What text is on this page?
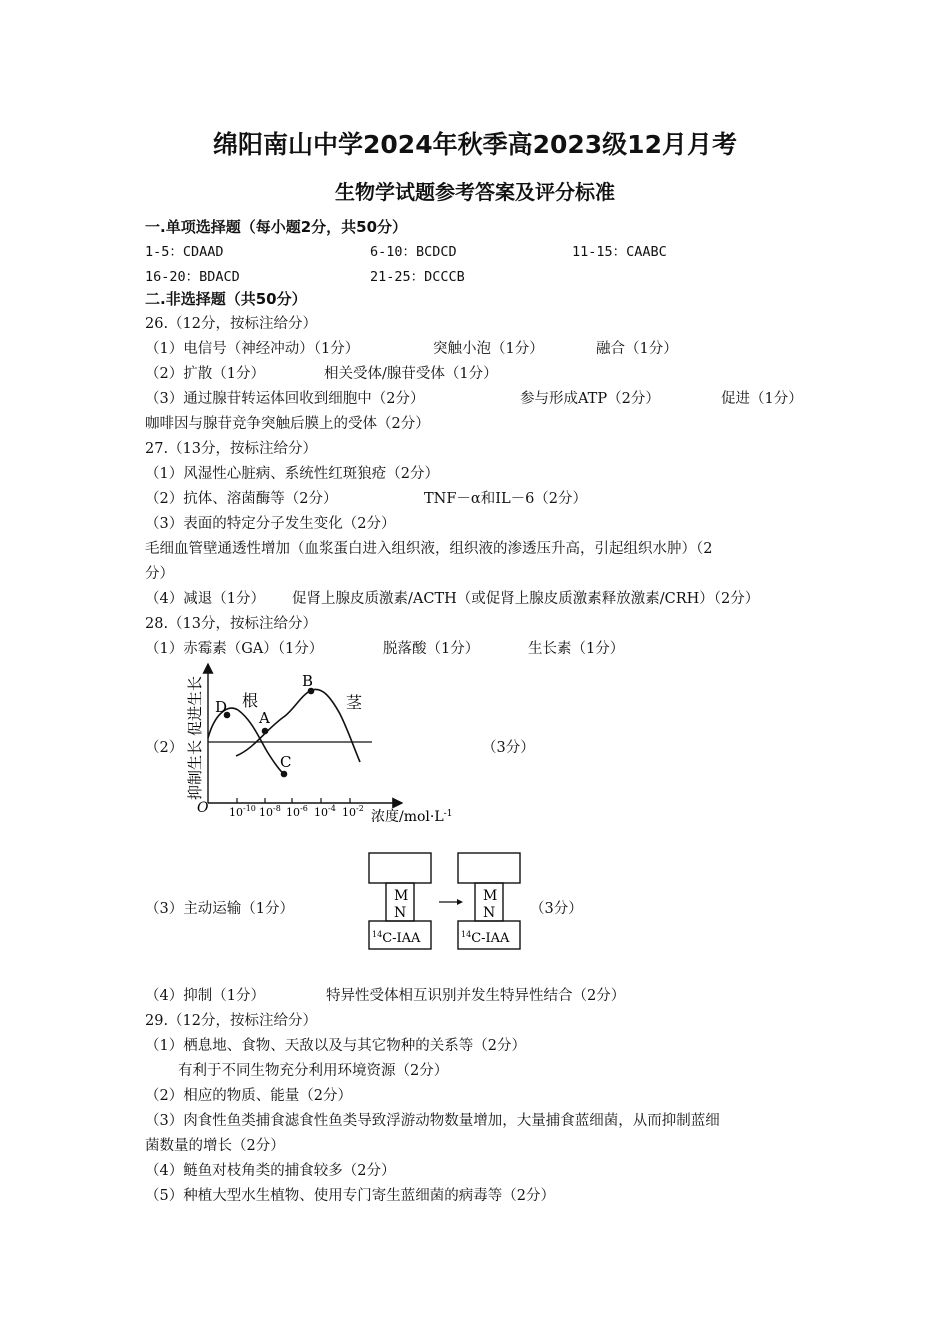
绵阳南山中学2024年秋季高2023级12月月考
生物学试题参考答案及评分标准
一.单项选择题（每小题2分，共50分）
1-5：CDAAD	6-10：BCDCD	11-15：CAABC
16-20：BDACD	21-25：DCCCB
二.非选择题（共50分）
26.（12分，按标注给分）
（1）电信号（神经冲动）（1分）	突触小泡（1分）	融合（1分）
（2）扩散（1分）	相关受体/腺苷受体（1分）
（3）通过腺苷转运体回收到细胞中（2分）	参与形成ATP（2分）	促进（1分）
咖啡因与腺苷竞争突触后膜上的受体（2分）
27.（13分，按标注给分）
（1）风湿性心脏病、系统性红斑狼疮（2分）
（2）抗体、溶菌酶等（2分）	TNF－α和IL－6（2分）
（3）表面的特定分子发生变化（2分）
毛细血管壁通透性增加（血浆蛋白进入组织液，组织液的渗透压升高，引起组织水肿）（2
分）
（4）减退（1分） 促肾上腺皮质激素/ACTH（或促肾上腺皮质激素释放激素/CRH）（2分）
28.（13分，按标注给分）
（1）赤霉素（GA）（1分）	脱落酸（1分）	生长素（1分）
（2）	（3分）
D
A
B
C
根	茎
促进生长
抑制生长
O $10^{-10}$ $10^{-8}$ $10^{-6}$ $10^{-4}$ $10^{-2}$
浓度$/mol\cdot L^{-1}$
（3）主动运输（1分）	（3分）
M
N
$^{14}$C-IAA
M
N
$^{14}$C-IAA
（4）抑制（1分）	特异性受体相互识别并发生特异性结合（2分）
29.（12分，按标注给分）
（1）栖息地、食物、天敌以及与其它物种的关系等（2分）
有利于不同生物充分利用环境资源（2分）
（2）相应的物质、能量（2分）
（3）肉食性鱼类捕食滤食性鱼类导致浮游动物数量增加，大量捕食蓝细菌，从而抑制蓝细
菌数量的增长（2分）
（4）鲢鱼对枝角类的捕食较多（2分）
（5）种植大型水生植物、使用专门寄生蓝细菌的病毒等（2分）
